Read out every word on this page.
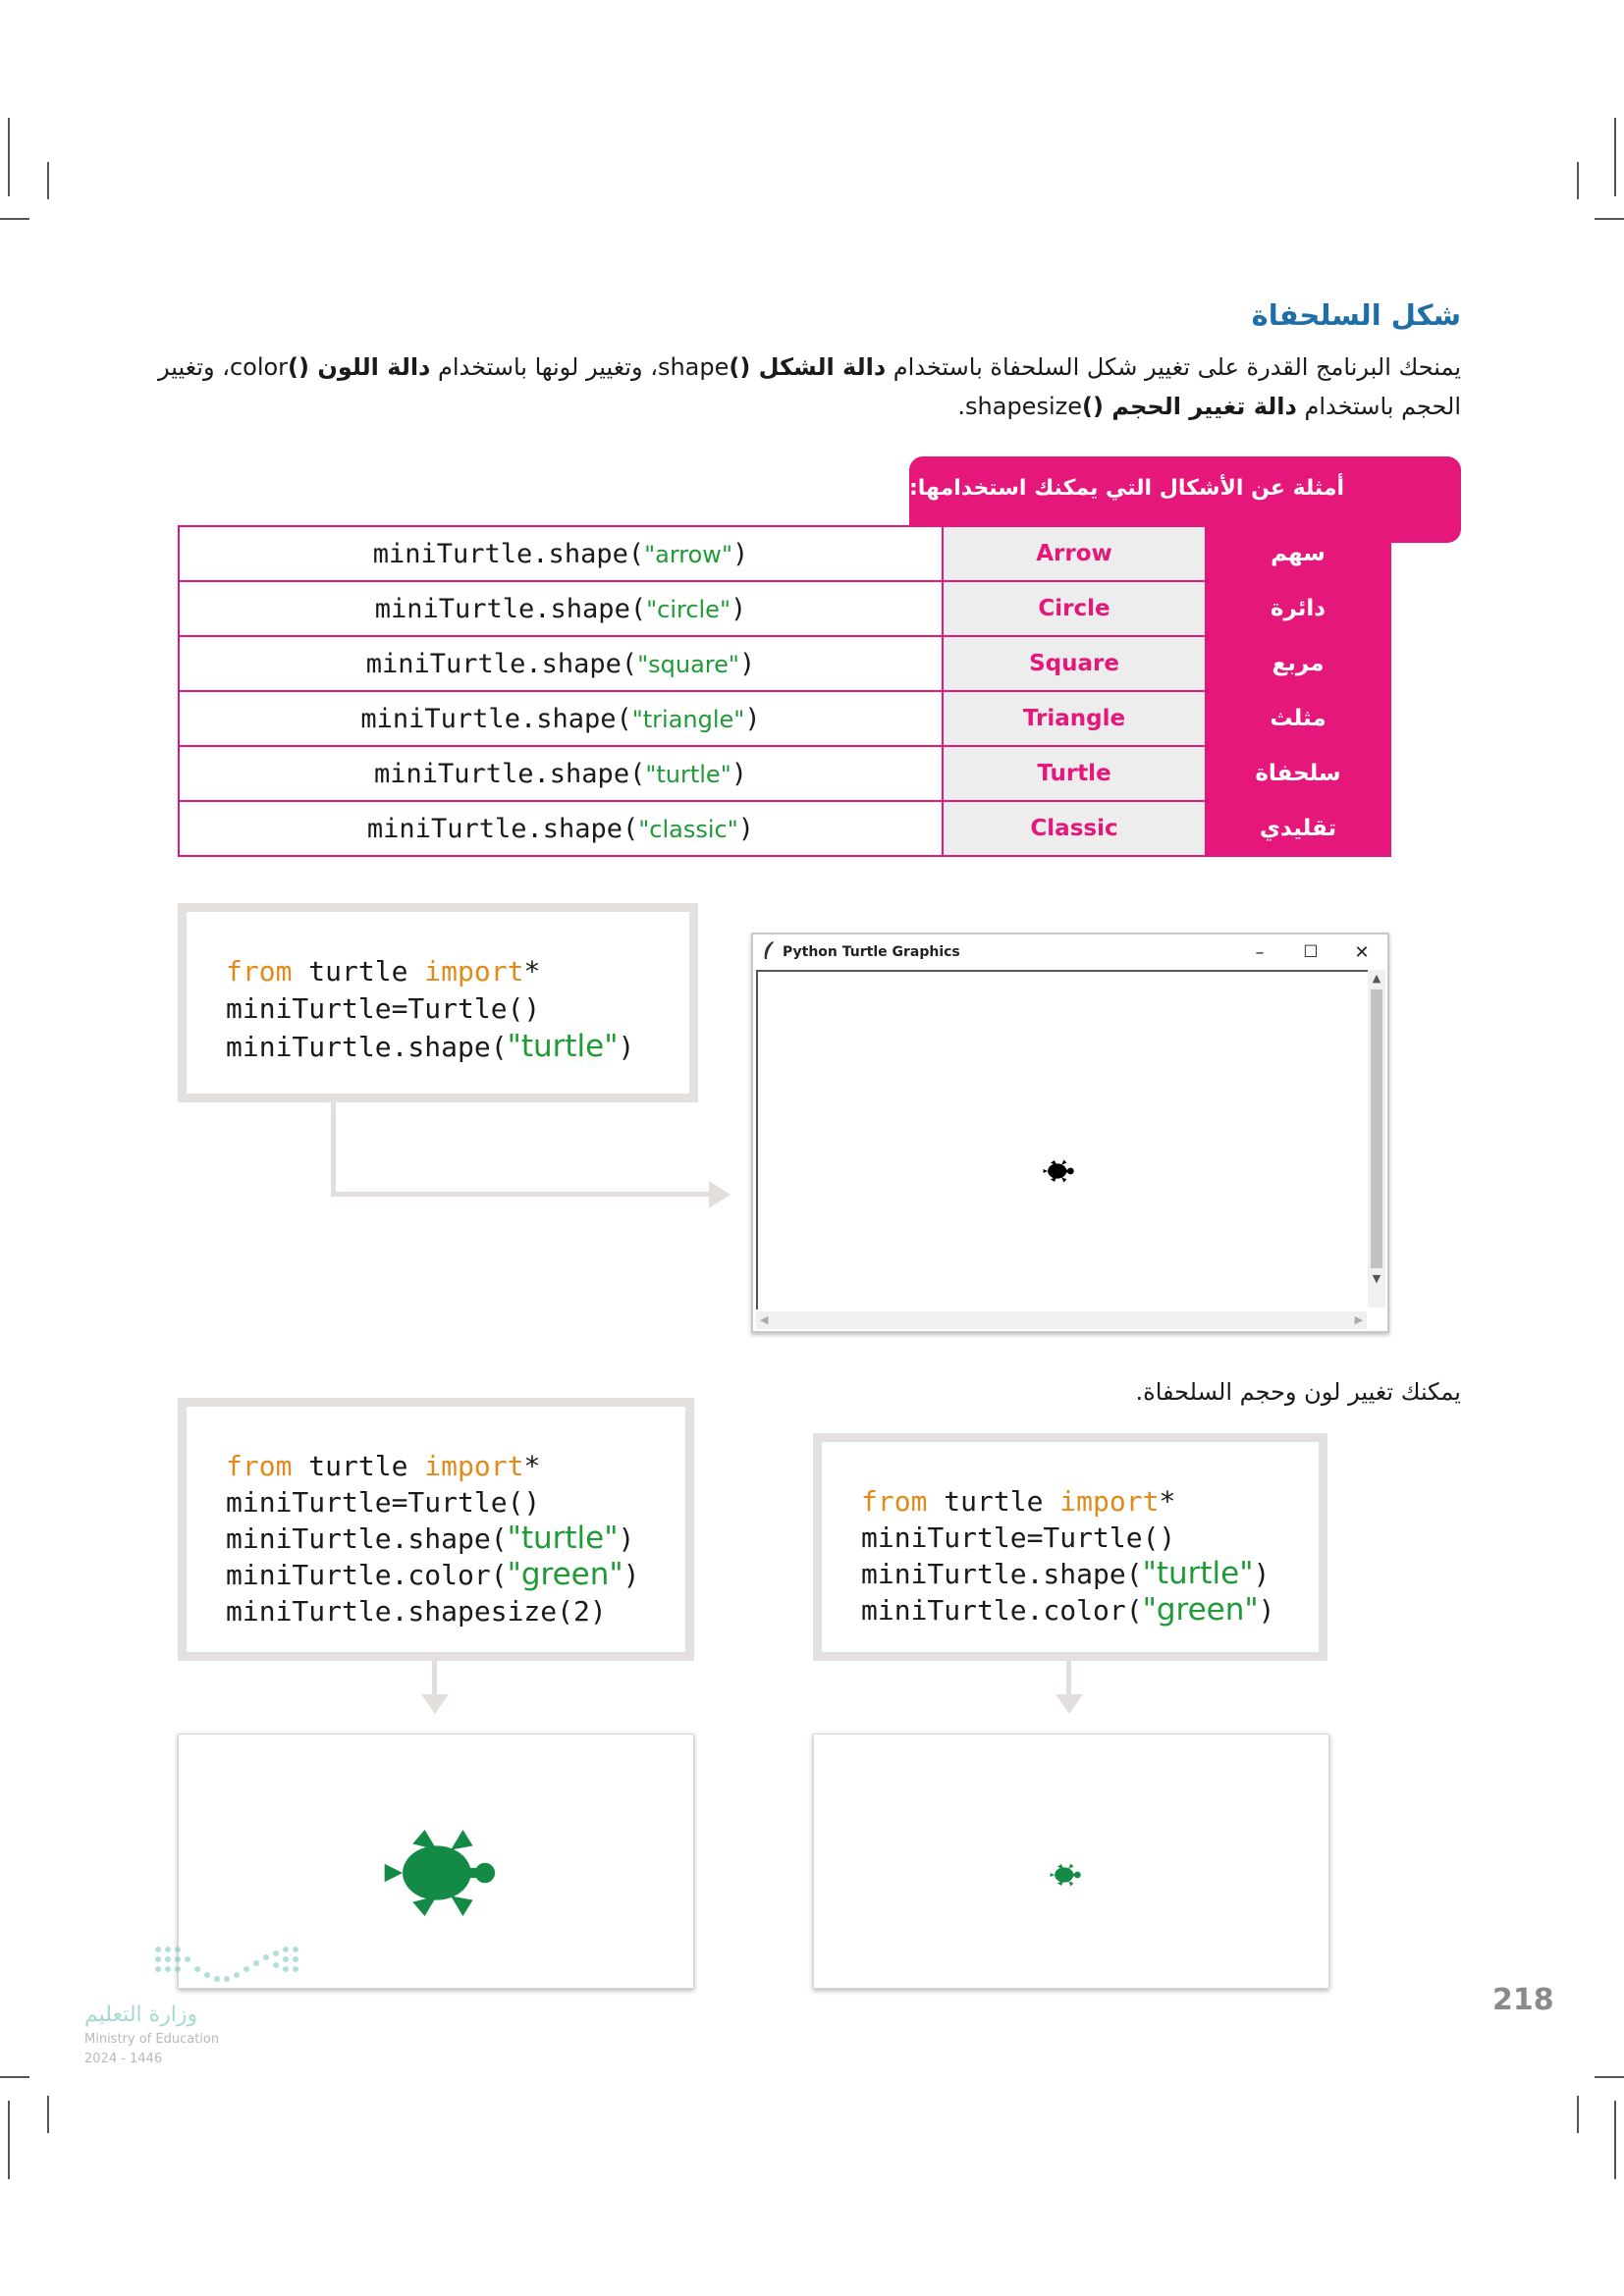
شكل السلحفاة
يمنحك البرنامج القدرة على تغيير شكل السلحفاة باستخدام دالة الشكل ()shape، وتغيير لونها باستخدام دالة اللون ()color، وتغيير
الحجم باستخدام دالة تغيير الحجم ()shapesize.
أمثلة عن الأشكال التي يمكنك استخدامها:
miniTurtle.shape("arrow")	Arrow	سهم
miniTurtle.shape("circle")	Circle	دائرة
miniTurtle.shape("square")	Square	مربع
miniTurtle.shape("triangle")	Triangle	مثلث
miniTurtle.shape("turtle")	Turtle	سلحفاة
miniTurtle.shape("classic")	Classic	تقليدي
from turtle import*
miniTurtle=Turtle()
miniTurtle.shape("turtle")
Python Turtle Graphics	–	☐	✕
▲
▼
◀	▶
يمكنك تغيير لون وحجم السلحفاة.
from turtle import*
miniTurtle=Turtle()
miniTurtle.shape("turtle")
miniTurtle.color("green")
miniTurtle.shapesize(2)
from turtle import*
miniTurtle=Turtle()
miniTurtle.shape("turtle")
miniTurtle.color("green")
وزارة التعليم
Ministry of Education
2024 - 1446
218
